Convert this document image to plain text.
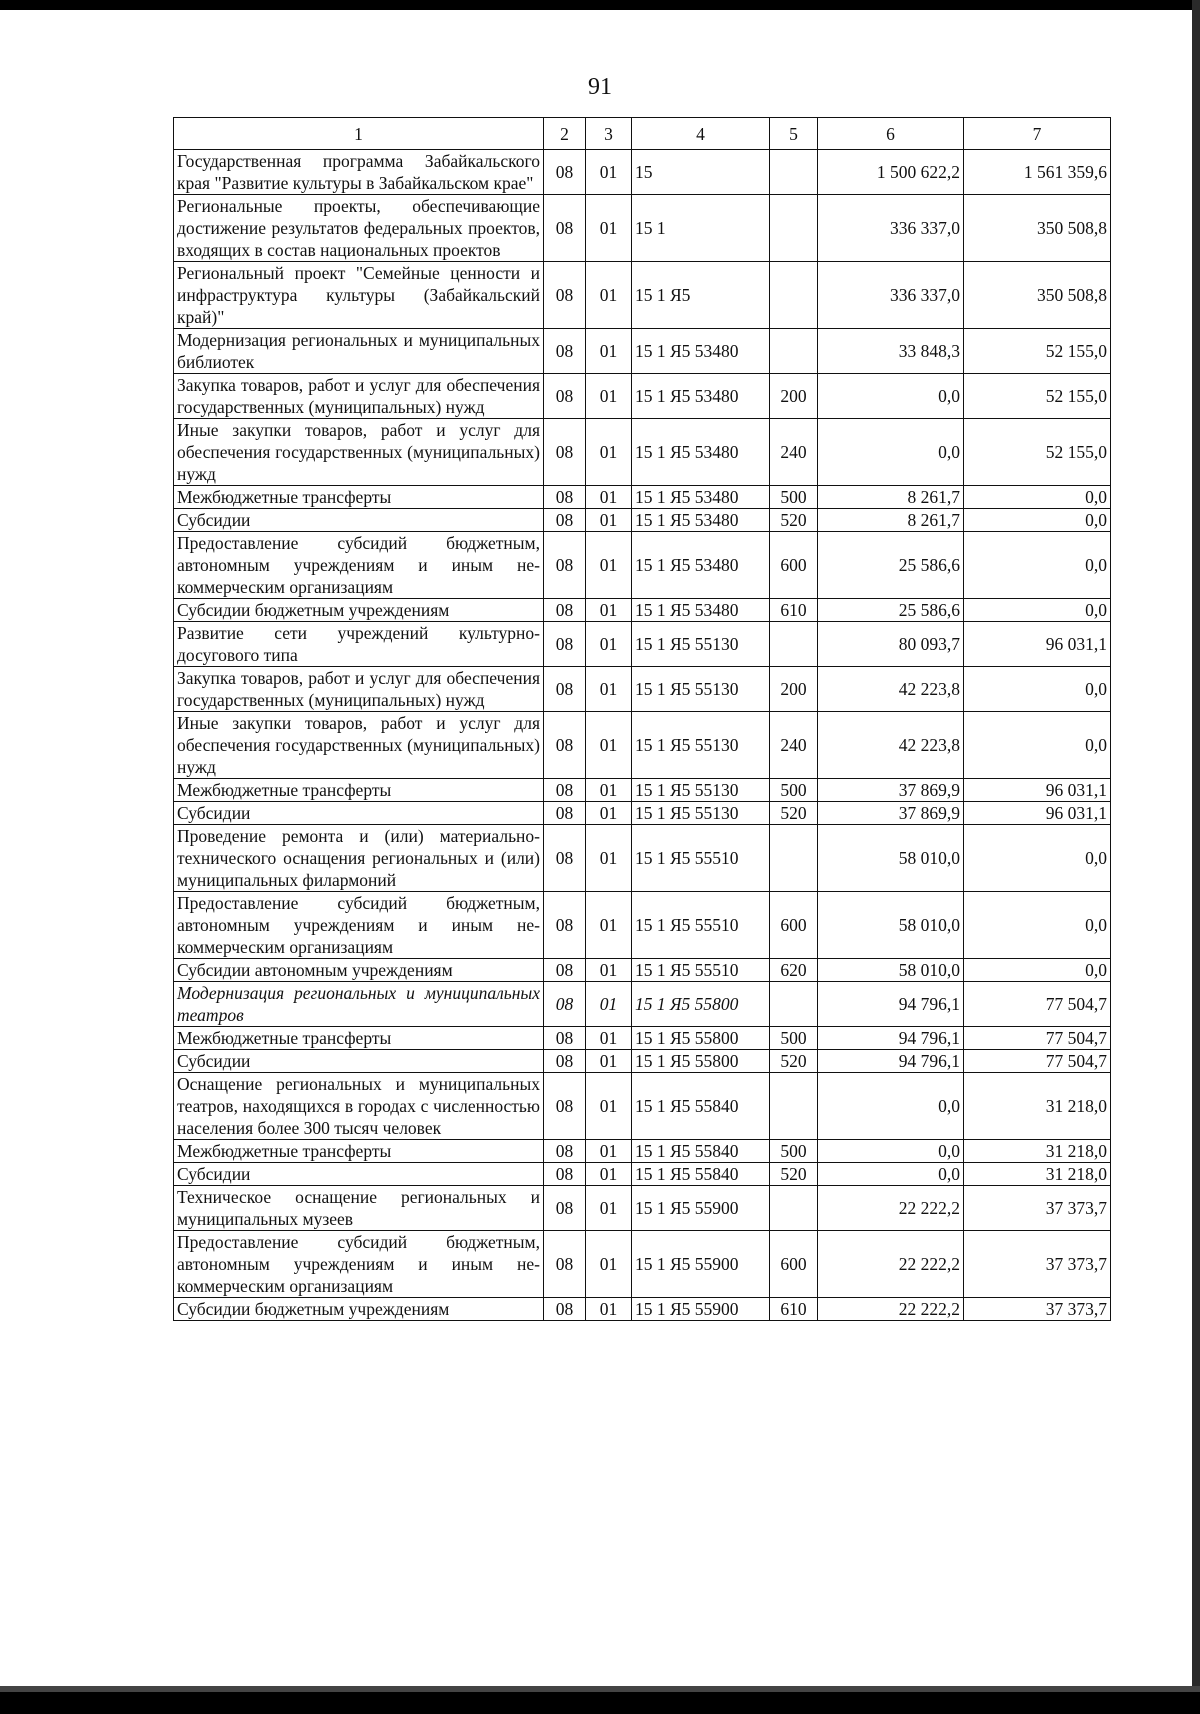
91
1	2	3	4	5	6	7
Государственная программа Забайкальского края "Развитие культуры в Забайкальском крае"	08	01	15		1 500 622,2	1 561 359,6
Региональные проекты, обеспечивающие достижение результатов федеральных проектов, входящих в состав национальных проектов	08	01	15 1		336 337,0	350 508,8
Региональный проект "Семейные ценности и инфраструктура культуры (Забайкальский край)"	08	01	15 1 Я5		336 337,0	350 508,8
Модернизация региональных и муниципальных библиотек	08	01	15 1 Я5 53480		33 848,3	52 155,0
Закупка товаров, работ и услуг для обеспечения государственных (муниципальных) нужд	08	01	15 1 Я5 53480	200	0,0	52 155,0
Иные закупки товаров, работ и услуг для обеспечения государственных (муниципальных) нужд	08	01	15 1 Я5 53480	240	0,0	52 155,0
Межбюджетные трансферты	08	01	15 1 Я5 53480	500	8 261,7	0,0
Субсидии	08	01	15 1 Я5 53480	520	8 261,7	0,0
Предоставление субсидий бюджетным, автономным учреждениям и иным некоммерческим организациям	08	01	15 1 Я5 53480	600	25 586,6	0,0
Субсидии бюджетным учреждениям	08	01	15 1 Я5 53480	610	25 586,6	0,0
Развитие сети учреждений культурно-досугового типа	08	01	15 1 Я5 55130		80 093,7	96 031,1
Закупка товаров, работ и услуг для обеспечения государственных (муниципальных) нужд	08	01	15 1 Я5 55130	200	42 223,8	0,0
Иные закупки товаров, работ и услуг для обеспечения государственных (муниципальных) нужд	08	01	15 1 Я5 55130	240	42 223,8	0,0
Межбюджетные трансферты	08	01	15 1 Я5 55130	500	37 869,9	96 031,1
Субсидии	08	01	15 1 Я5 55130	520	37 869,9	96 031,1
Проведение ремонта и (или) материально-технического оснащения региональных и (или) муниципальных филармоний	08	01	15 1 Я5 55510		58 010,0	0,0
Предоставление субсидий бюджетным, автономным учреждениям и иным некоммерческим организациям	08	01	15 1 Я5 55510	600	58 010,0	0,0
Субсидии автономным учреждениям	08	01	15 1 Я5 55510	620	58 010,0	0,0
Модернизация региональных и муниципальных театров	08	01	15 1 Я5 55800		94 796,1	77 504,7
Межбюджетные трансферты	08	01	15 1 Я5 55800	500	94 796,1	77 504,7
Субсидии	08	01	15 1 Я5 55800	520	94 796,1	77 504,7
Оснащение региональных и муниципальных театров, находящихся в городах с численностью населения более 300 тысяч человек	08	01	15 1 Я5 55840		0,0	31 218,0
Межбюджетные трансферты	08	01	15 1 Я5 55840	500	0,0	31 218,0
Субсидии	08	01	15 1 Я5 55840	520	0,0	31 218,0
Техническое оснащение региональных и муниципальных музеев	08	01	15 1 Я5 55900		22 222,2	37 373,7
Предоставление субсидий бюджетным, автономным учреждениям и иным некоммерческим организациям	08	01	15 1 Я5 55900	600	22 222,2	37 373,7
Субсидии бюджетным учреждениям	08	01	15 1 Я5 55900	610	22 222,2	37 373,7
